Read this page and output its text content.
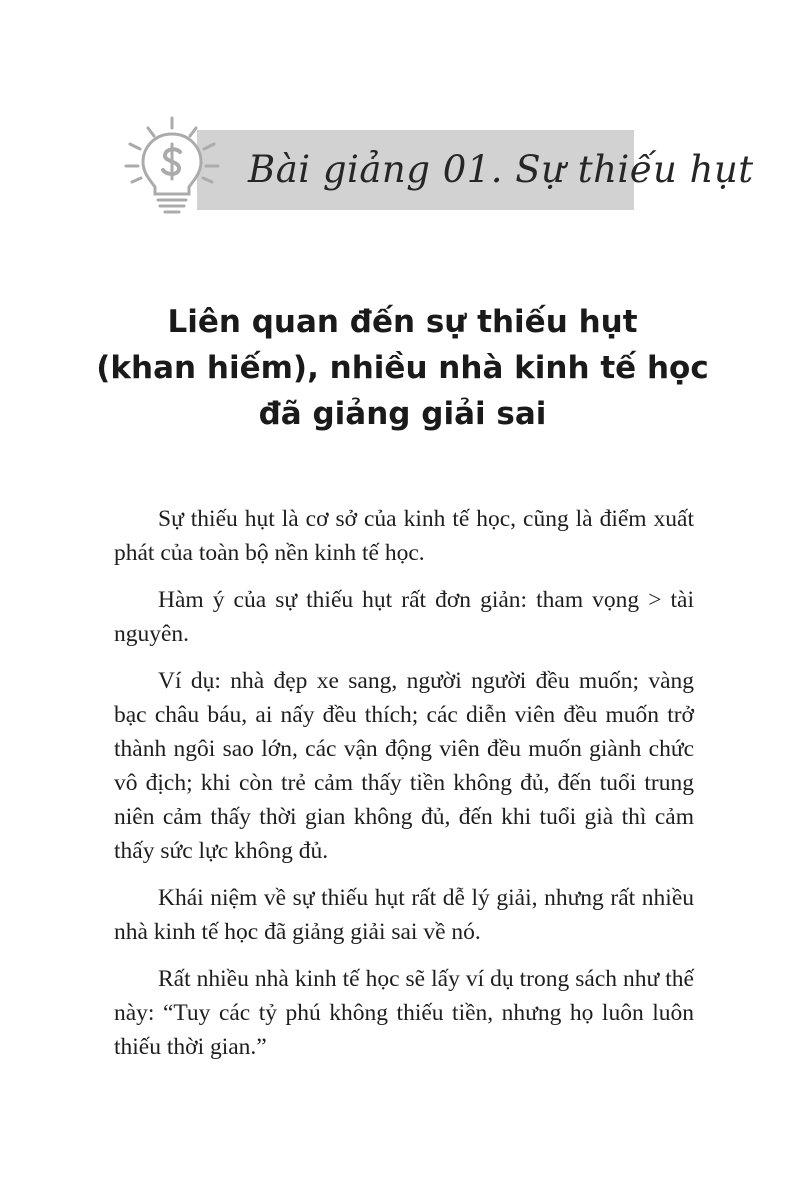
Bài giảng 01. Sự thiếu hụt
Liên quan đến sự thiếu hụt
(khan hiếm), nhiều nhà kinh tế học
đã giảng giải sai

Sự thiếu hụt là cơ sở của kinh tế học, cũng là điểm xuất phát của toàn bộ nền kinh tế học.

Hàm ý của sự thiếu hụt rất đơn giản: tham vọng > tài nguyên.

Ví dụ: nhà đẹp xe sang, người người đều muốn; vàng bạc châu báu, ai nấy đều thích; các diễn viên đều muốn trở thành ngôi sao lớn, các vận động viên đều muốn giành chức vô địch; khi còn trẻ cảm thấy tiền không đủ, đến tuổi trung niên cảm thấy thời gian không đủ, đến khi tuổi già thì cảm thấy sức lực không đủ.

Khái niệm về sự thiếu hụt rất dễ lý giải, nhưng rất nhiều nhà kinh tế học đã giảng giải sai về nó.

Rất nhiều nhà kinh tế học sẽ lấy ví dụ trong sách như thế này: “Tuy các tỷ phú không thiếu tiền, nhưng họ luôn luôn thiếu thời gian.”
